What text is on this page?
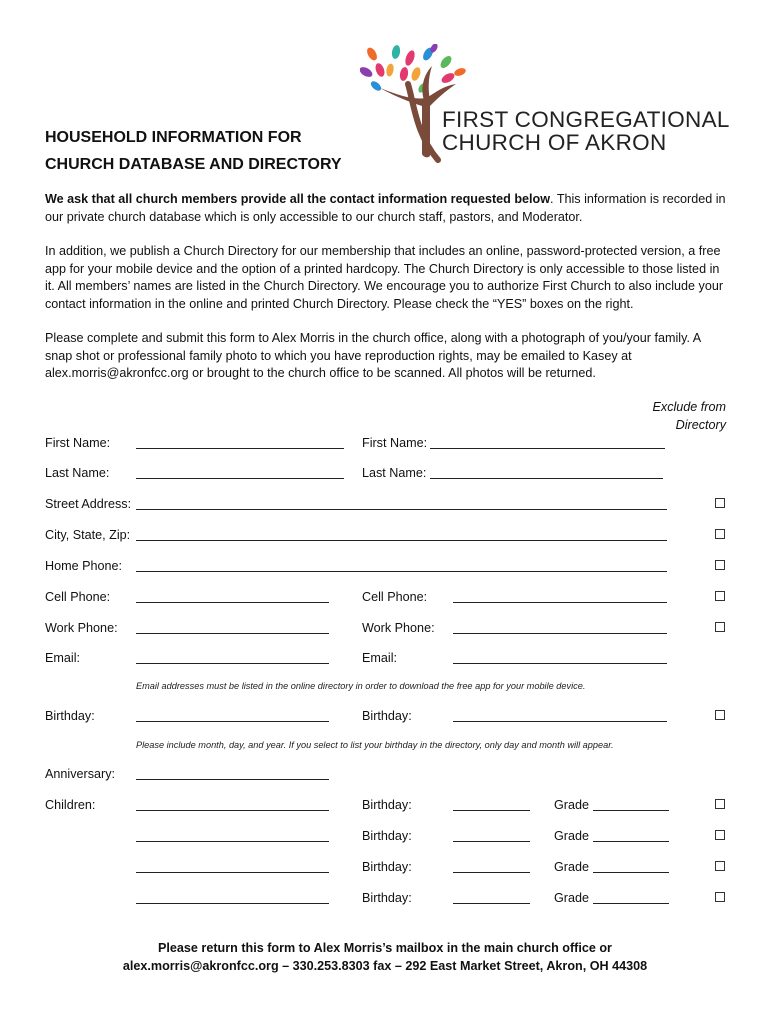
FIRST CONGREGATIONAL
CHURCH OF AKRON
HOUSEHOLD INFORMATION FOR
CHURCH DATABASE AND DIRECTORY
We ask that all church members provide all the contact information requested below. This information is recorded in our private church database which is only accessible to our church staff, pastors, and Moderator.
In addition, we publish a Church Directory for our membership that includes an online, password-protected version, a free app for your mobile device and the option of a printed hardcopy. The Church Directory is only accessible to those listed in it. All members’ names are listed in the Church Directory. We encourage you to authorize First Church to also include your contact information in the online and printed Church Directory. Please check the “YES” boxes on the right.
Please complete and submit this form to Alex Morris in the church office, along with a photograph of you/your family. A snap shot or professional family photo to which you have reproduction rights, may be emailed to Kasey at alex.morris@akronfcc.org or brought to the church office to be scanned. All photos will be returned.
Exclude from
Directory
First Name:	First Name:
Last Name:	Last Name:
Street Address:
City, State, Zip:
Home Phone:
Cell Phone:	Cell Phone:
Work Phone:	Work Phone:
Email:	Email:
Email addresses must be listed in the online directory in order to download the free app for your mobile device.
Birthday:	Birthday:
Please include month, day, and year. If you select to list your birthday in the directory, only day and month will appear.
Anniversary:
Children:	Birthday:	Grade
Birthday:	Grade
Birthday:	Grade
Birthday:	Grade
Please return this form to Alex Morris’s mailbox in the main church office or
alex.morris@akronfcc.org – 330.253.8303 fax – 292 East Market Street, Akron, OH 44308
